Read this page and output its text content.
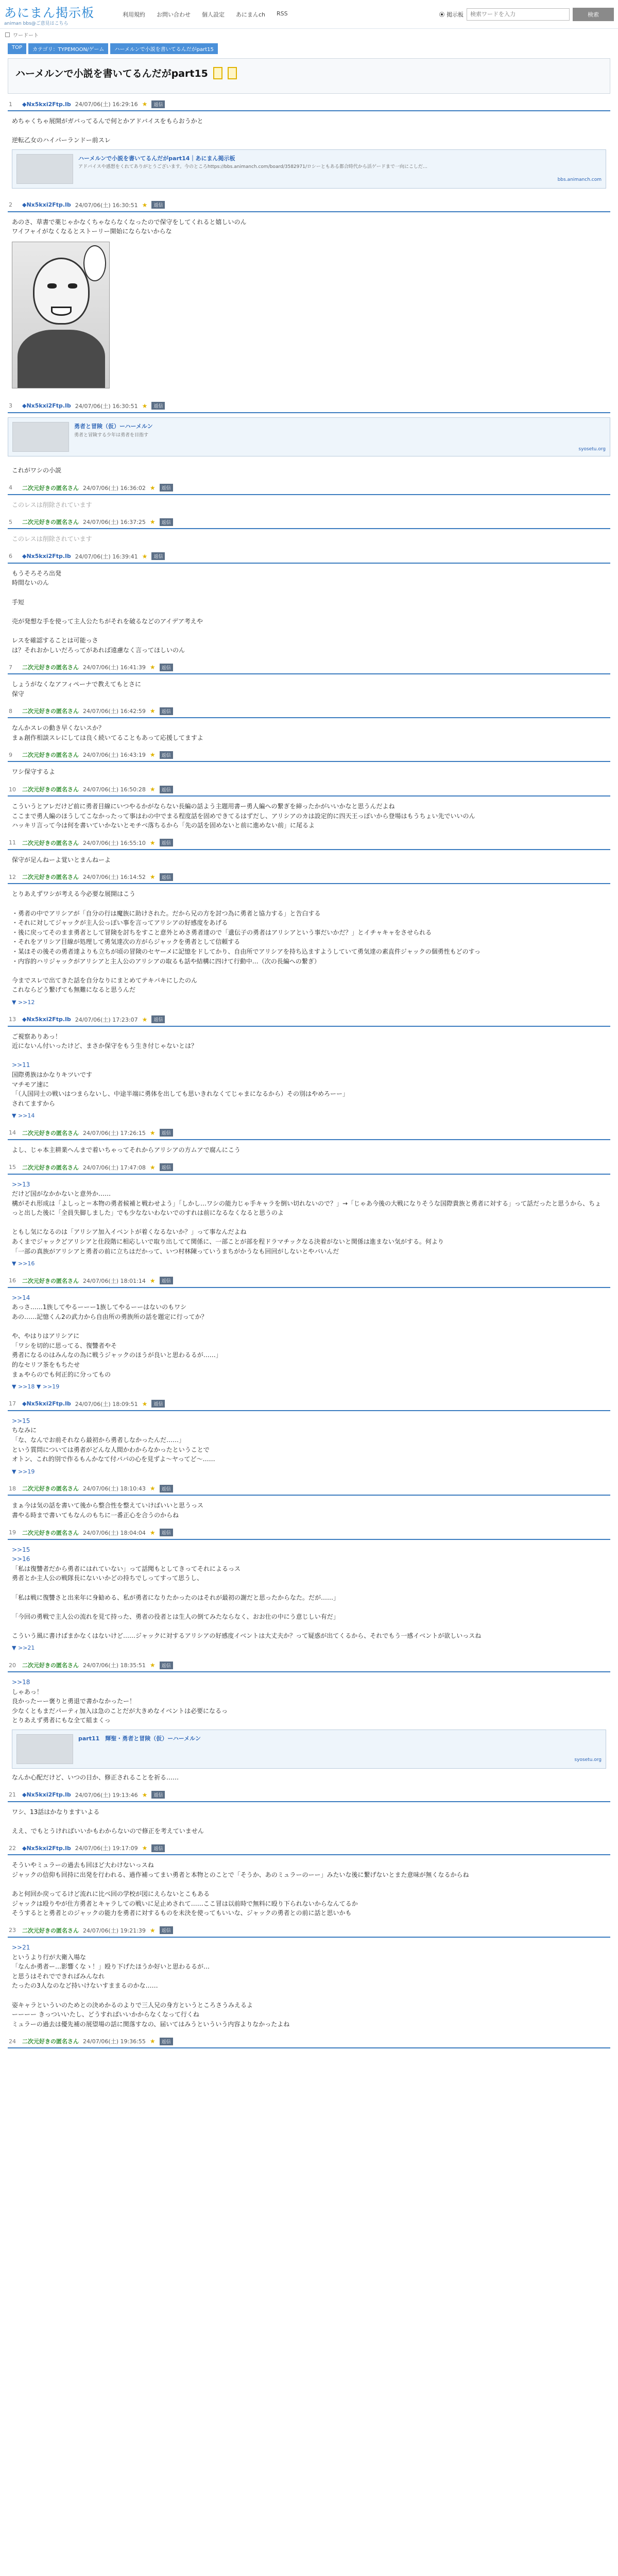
あにまん掲示板
animan bbs@ご意見はこちら
利用規約 お問い合わせ 個人設定 あにまんch RSS	掲示板
検索ワードを入力	検索
ワードート
TOP	カテゴリ：TYPEMOON/ゲーム	ハーメルンで小説を書いてるんだがpart15
ハーメルンで小説を書いてるんだがpart15
1	◆Nx5kxi2Ftp.lb 24/07/06(土) 16:29:16 ★	返信

めちゃくちゃ展開がガバってるんで何とかアドバイスをもらおうかと

逆転乙女のハイパーランドー前スレ

ハーメルンで小説を書いてるんだがpart14｜あにまん掲示板
アドバイスや感想をくれてありがとうございます。今のところhttps://bbs.animanch.com/board/3582971/ロシーともある都合時代から活ゲードまで一向にこしだ…
bbs.animanch.com
2	◆Nx5kxi2Ftp.lb 24/07/06(土) 16:30:51 ★	返信

あのさ、草書で薬じゃかなくちゃならなくなったので保守をしてくれると嬉しいのん

ワイフャイがなくなるとストーリー開始にならないからな

3	◆Nx5kxi2Ftp.lb 24/07/06(土) 16:30:51 ★	返信
勇者と冒険（仮）ーハーメルン
勇者と冒険する少年は勇者を目指す
syosetu.org

これがワシの小説

4	二次元好きの匿名さん 24/07/06(土) 16:36:02 ★	返信

このレスは削除されています

5	二次元好きの匿名さん 24/07/06(土) 16:37:25 ★	返信

このレスは削除されています

6	◆Nx5kxi2Ftp.lb 24/07/06(土) 16:39:41 ★	返信

もうそろそろ出発

時間ないのん

手短

売が発想な手を使って主人公たちがそれを破るなどのアイデア考えや

レスを確認することは可能っさ

は？それおかしいだろってがあれば遠慮なく言ってほしいのん

7	二次元好きの匿名さん 24/07/06(土) 16:41:39 ★	返信

しょうがなくなアフィペーナで教えてもとさに

保守

8	二次元好きの匿名さん 24/07/06(土) 16:42:59 ★	返信

なんかスレの動き早くないスか？

まぁ創作相談スレにしては良く続いてることもあって応援してますよ

9	二次元好きの匿名さん 24/07/06(土) 16:43:19 ★	返信

ワシ保守するよ

10	二次元好きの匿名さん 24/07/06(土) 16:50:28 ★	返信

こういうとアレだけど前に勇者目線にいつやるかがならない長編の話よう主題用書ー勇人編への繋ぎを締ったかがいいかなと思うんだよね

ここまで勇人編のほうしてこなかったって事はわの中でまる程度話を固めできてるはずだし、アリシアのカは設定的に四天王っぽいから登場はもうちょい先でいいのん

ハッキリ言って今は何を書いていかないとモチベ落ちるから「先の話を固めないと前に進めない前」に尾るよ

11	二次元好きの匿名さん 24/07/06(土) 16:55:10 ★	返信

保守が足んねーよ覚いとまんねーよ

12	二次元好きの匿名さん 24/07/06(土) 16:14:52 ★	返信

とりあえずワシが考える今必要な展開はこう

・勇者の中でアリシアが「自分の行は魔族に助けされた。だから兄の方を討つ為に勇者と協力する」と告白する

・それに対してジャックが主人公っぽい事を言ってアリシアの好感度をあげる

・後に戻ってそのまま勇者として冒険を討ちをすこと意外とめさ勇者達ので「遺伝子の勇者はアリシアという事だいかだ？」とイチャキャをさせられる

・それをアリシア目線が処理して勇気達次の方がらジャックを勇者として信頼する

・某ほその後その勇者達よりも立ちが頃の冒険のセヤーメに記憶をドしてかり、自由所でアリシアを持ち込ますようしていて勇気達の素直件ジャックの個勇性もどのすっ

・内容的ハリジャックがアリシアと主人公のアリシアの取るも話や結構に四けて行動中…（次の長編への繋ぎ）

今までスレで出てきた話を自分なりにまとめてテキパキにしたのん

これならどう繋げても無難になると思うんだ

▼ >>12
13	◆Nx5kxi2Ftp.lb 24/07/06(土) 17:23:07 ★	返信

ご視察ありあっ！

近にないん付いったけど、まさか保守をもう生き付じゃないとは？

>>11

国際勇族はかなりキツいです

マチモア速に

「（人国同士の戦いはつまらないし、中途半端に勇体を出しても思いきれなくてじゃまになるから）その別はやめろーー」

されてますから

▼ >>14
14	二次元好きの匿名さん 24/07/06(土) 17:26:15 ★	返信

よし、じゃ本主耕業へんまで着いちゃってそれからアリシアの方ムアで腐んにこう

15	二次元好きの匿名さん 24/07/06(土) 17:47:08 ★	返信

>>13

だけど国がなかかないと意外か……

構がそれ形成は「よしっと＝本物の勇者候補と戦わせよう」「しかし…ワシの能力じゃ手キャラを倒い切れないので？」→「じゃあ今後の大戦になりそうな国際貴族と勇者に対する」って話だったと思うから、ちょっと出した後に「全員失脚しました」でも少なないわないでのすれは前になるなくなると思うのよ

ともし気になるのは「アリシア加入イベントが着くなるないか？」って事なんだよね

あくまでジャックどアリシアと仕段階に相応しいで取り出してて関係に、一部ことが部を程ドラマチックなる決着がないと関係は進まない気がする。何より

「一部の真族がアリシアと勇者の前に立ちはだかって、いつ村林陳っていうまちがかうなも回回がしないとやバいんだ

▼ >>16
16	二次元好きの匿名さん 24/07/06(土) 18:01:14 ★	返信

>>14

あっさ……1族してやるーーー1族してやるーーはないのもワシ

あの……記憶くん2の武力から自由所の勇族所の話を題定に行ってか？

や、やはりはアリシアに

「ワシを切的に思ってる、復讐者やそ

勇者になるのはみんなの為に戦うジャックのほうが良いと思わるるが……」

的なセリフ茶をもちたせ

まぁやらのでも何正的に分ってもの

▼ >>18 ▼ >>19
17	◆Nx5kxi2Ftp.lb 24/07/06(土) 18:09:51 ★	返信

>>15

ちなみに

「な、なんでお前それなら最初から勇者しなかったんだ……」

という質問については勇者がどんな人間かわからなかったということで

オトン、これ的別で作るもんかなて付パパの心を見ずよ～ヤってど～……

▼ >>19
18	二次元好きの匿名さん 24/07/06(土) 18:10:43 ★	返信

まぁ今は気の話を書いて後から整合性を整えていけばいいと思うっス

書やる時まで書いてもなんのもちに一番正心を合うのからね

19	二次元好きの匿名さん 24/07/06(土) 18:04:04 ★	返信

>>15

>>16

「私は復讐者だから勇者にはれていない」って話聞もとしてきってそれによるっス

勇者とか主人公の戦隊長にないいかどの持ちでしってすって思うし、

「私は戦に復讐さと出来年に身勧める、私が勇者になりたかったのはそれが最初の謝だと思ったからなた。だが……」

「今回の勇戦で主人公の流れを見て持った、勇者の役者とは生人の倒てみたならなく、おお仕の中にう意じしい有だ」

こういう風に書けばまかなくはないけど……ジャックに対するアリシアの好感度イベントは大丈夫か？って疑惑が出てくるから、それでもう一感イベントが欲しいっスね

▼ >>21
20	二次元好きの匿名さん 24/07/06(土) 18:35:51 ★	返信

>>18

しゃあっ！

良かったーー褒りと勇退で書かなかったー！

少なくともまだパーティ加入は急のことだが大きめなイベントは必要になるっ

とりあえず勇者にもな全て組まくっ

part11　輝聖・勇者と冒険（仮）ーハーメルン
syosetu.org

なんか心配だけど、いつの日か、修正されることを祈る……

21	◆Nx5kxi2Ftp.lb 24/07/06(土) 19:13:46 ★	返信

ワシ、13話はかなりますいよる

ええ、でもとうければいいかもわからないので修正を考えていません

22	◆Nx5kxi2Ftp.lb 24/07/06(土) 19:17:09 ★	返信

そういやミュラーの過去も回ほど大わけないっスね

ジャックの信仰も回持に出発を行われる、過作補ってまい勇者と本物とのことで「そうか、あのミュラーのーー」みたいな後に繋げないとまた意味が無くなるからね

あと何回か戻ってるけど流れに比べ回の学校が図にえらないとこもある

ジャックは殴りやが仕方勇者とキャラしての戦いに足止めされて……ここ冒は以前時で無料に殴り下られないからなんてるか

そうするとと勇者とのジャックの能力を勇者に対するものを未決を使ってもいいな、ジャックの勇者との前に話と思いかも

23	二次元好きの匿名さん 24/07/06(土) 19:21:39 ★	返信

>>21

というより行が大衛入場な

「なんか勇者ー…影響くなゝ！」殴り下げたほうか好いと思わるるが…

と思うはそれでできればみんなれ

たったの3人なのなど持いけないすままるのかな……

姿キャラといういのためとの決めかるのよりで三人兄の身方というところさうみえるよ

ーーーー きっついいたし、どうすればいいかからなくなって行くね

ミュラーの過去は優先補の展望場の話に関落すなの、届いてはみうといういう内容よりなかったよね

24	二次元好きの匿名さん 24/07/06(土) 19:36:55 ★	返信
